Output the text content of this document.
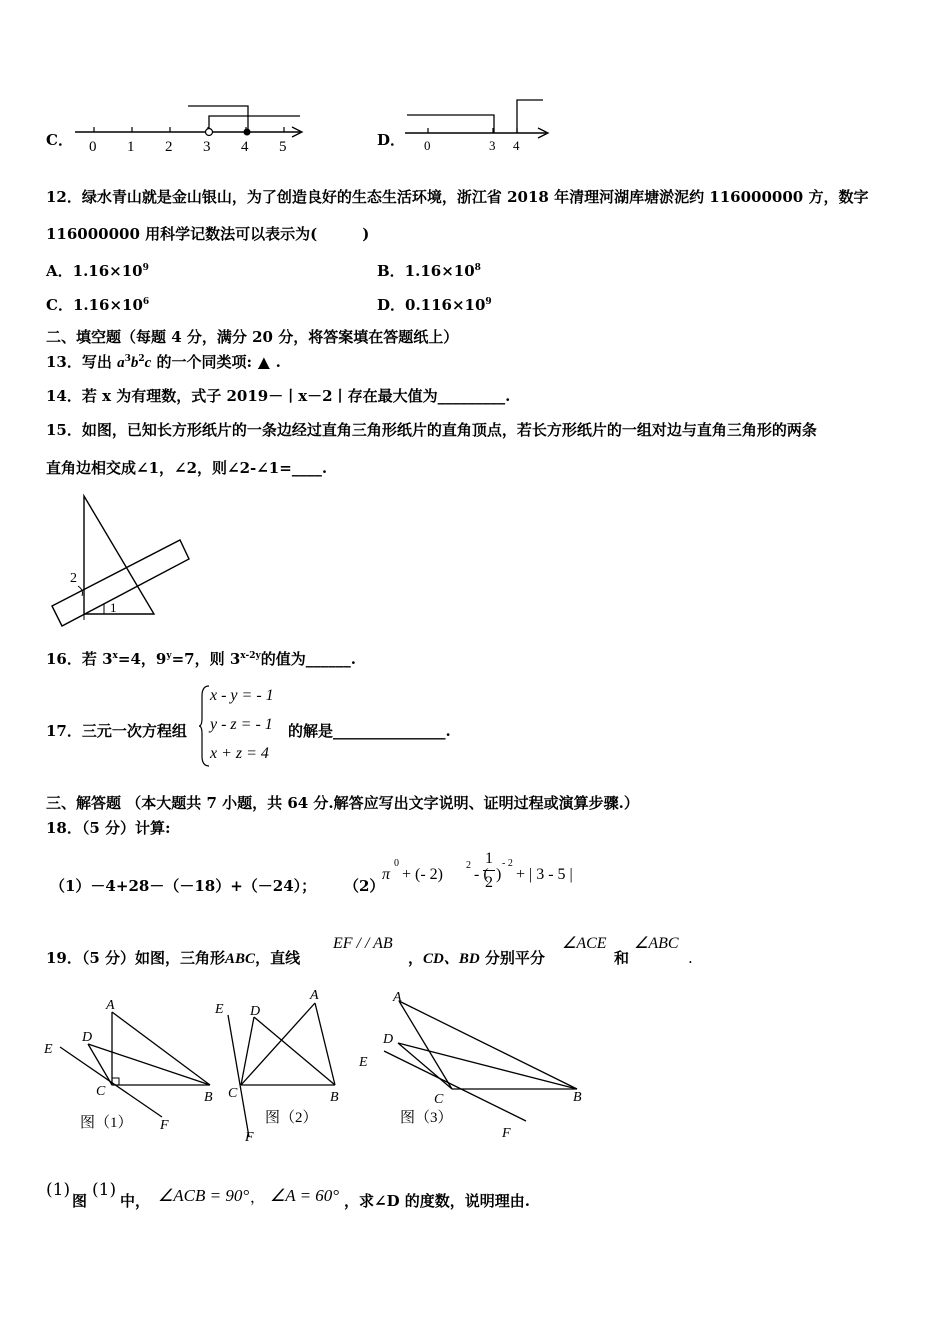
C． 0 1 2 3 4 5	D． 0	3 4
12．绿水青山就是金山银山，为了创造良好的生态生活环境，浙江省 2018 年清理河湖库塘淤泥约 116000000 方，数字
116000000 用科学记数法可以表示为(　　　)
A．$1.16\times 10^9$	B．$1.16\times 10^8$
C．$1.16\times 10^6$	D．$0.116\times 10^9$
二、填空题（每题 4 分，满分 20 分，将答案填在答题纸上）
13．写出 $a^3b^2c$ 的一个同类项: ▲ .
14．若 x 为有理数，式子 2019－丨x－2丨存在最大值为_________.
15．如图，已知长方形纸片的一条边经过直角三角形纸片的直角顶点，若长方形纸片的一组对边与直角三角形的两条
直角边相交成∠1，∠2，则∠2-∠1=____.
1
2
16．若 $3^x=4$，$9^y=7$，则 $3^{x-2y}$的值为______.
17．三元一次方程组
x - y = - 1
y - z = - 1
x + z = 4
的解是_______________.
三、解答题 （本大题共 7 小题，共 64 分.解答应写出文字说明、证明过程或演算步骤.）
18．（5 分）计算:
（1）－4+28－（－18）+（－24）； （2）
π
0
+ (- 2)
2
- (
1
2 )
- 2
+ | 3 - 5 |
19．（5 分）如图，三角形ABC，直线
EF / / AB
，CD、BD 分别平分
∠ACE
和
∠ABC
.
A
D
E
C	B
F
图（1）
E D
A
C	B
F
图（2）
A
D
E
C	B
F
图（3）
(1)
图
(1)
中， ∠ACB = 90° ， ∠A = 60° ，求∠D 的度数，说明理由.
